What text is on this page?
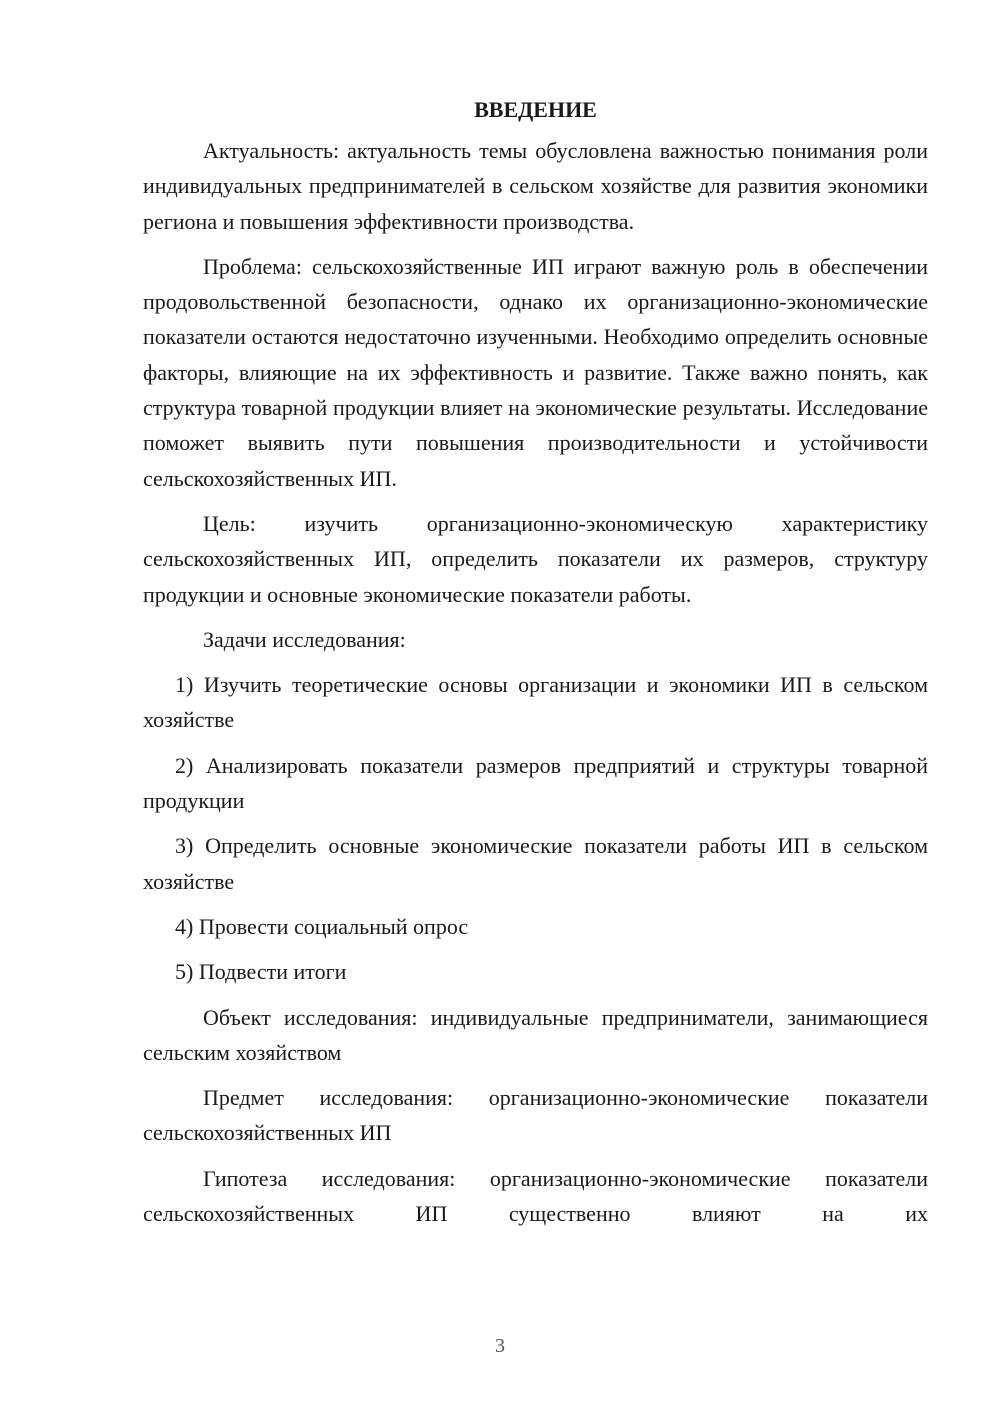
ВВЕДЕНИЕ

Актуальность: актуальность темы обусловлена важностью понимания роли индивидуальных предпринимателей в сельском хозяйстве для развития экономики региона и повышения эффективности производства.

Проблема: сельскохозяйственные ИП играют важную роль в обеспечении продовольственной безопасности, однако их организационно-экономические показатели остаются недостаточно изученными. Необходимо определить основные факторы, влияющие на их эффективность и развитие. Также важно понять, как структура товарной продукции влияет на экономические результаты. Исследование поможет выявить пути повышения производительности и устойчивости сельскохозяйственных ИП.

Цель: изучить организационно-экономическую характеристику сельскохозяйственных ИП, определить показатели их размеров, структуру продукции и основные экономические показатели работы.

Задачи исследования:

1) Изучить теоретические основы организации и экономики ИП в сельском хозяйстве

2) Анализировать показатели размеров предприятий и структуры товарной продукции

3) Определить основные экономические показатели работы ИП в сельском хозяйстве

4) Провести социальный опрос

5) Подвести итоги

Объект исследования: индивидуальные предприниматели, занимающиеся сельским хозяйством

Предмет исследования: организационно-экономические показатели сельскохозяйственных ИП

Гипотеза исследования: организационно-экономические показатели сельскохозяйственных ИП существенно влияют на их

3
